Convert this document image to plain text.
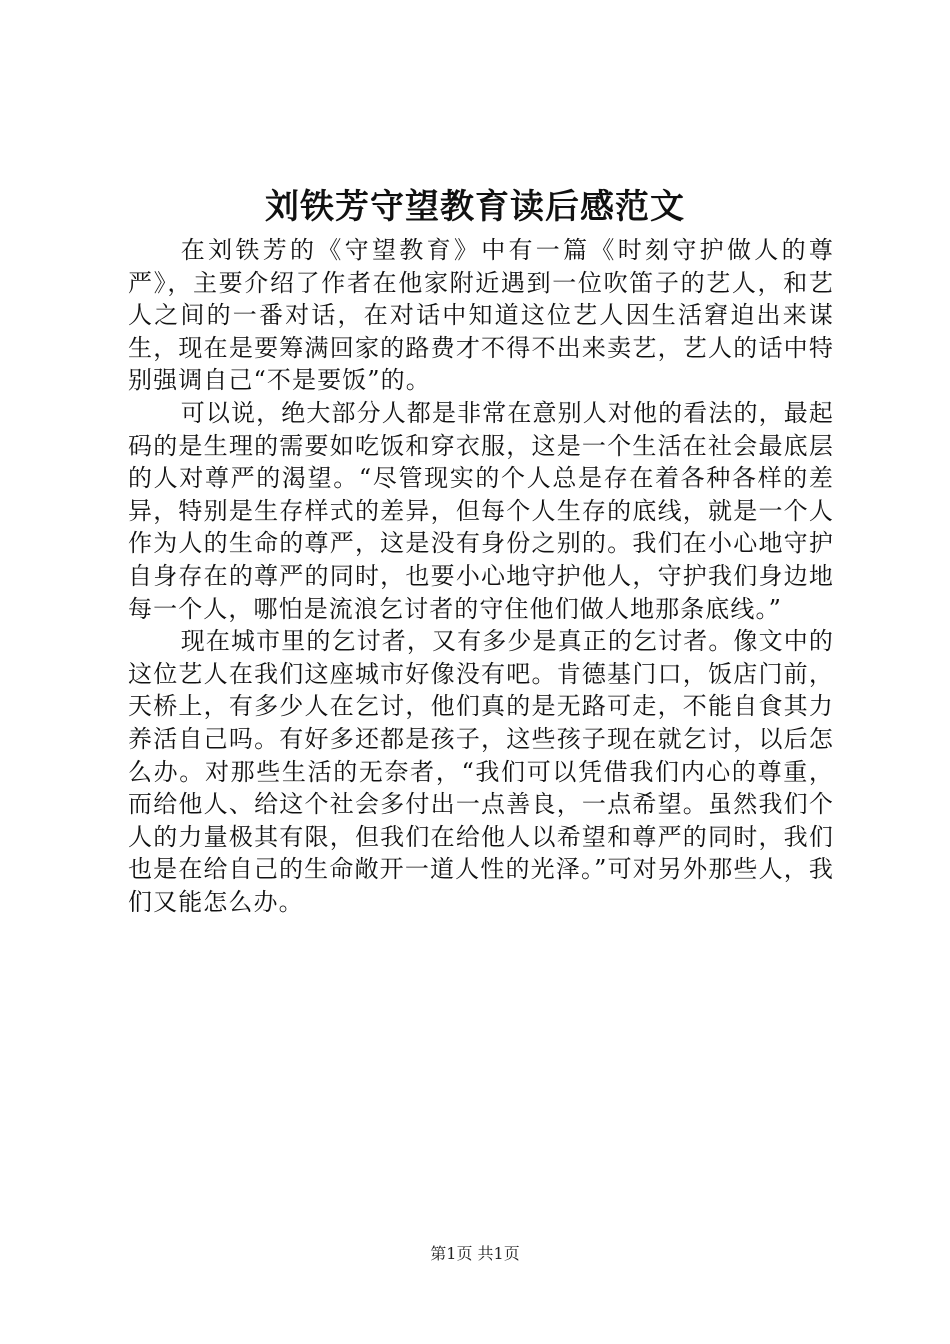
刘铁芳守望教育读后感范文

在刘铁芳的《守望教育》中有一篇《时刻守护做人的尊严》，主要介绍了作者在他家附近遇到一位吹笛子的艺人，和艺人之间的一番对话，在对话中知道这位艺人因生活窘迫出来谋生，现在是要筹满回家的路费才不得不出来卖艺，艺人的话中特别强调自己“不是要饭”的。

可以说，绝大部分人都是非常在意别人对他的看法的，最起码的是生理的需要如吃饭和穿衣服，这是一个生活在社会最底层的人对尊严的渴望。“尽管现实的个人总是存在着各种各样的差异，特别是生存样式的差异，但每个人生存的底线，就是一个人作为人的生命的尊严，这是没有身份之别的。我们在小心地守护自身存在的尊严的同时，也要小心地守护他人，守护我们身边地每一个人，哪怕是流浪乞讨者的守住他们做人地那条底线。”

现在城市里的乞讨者，又有多少是真正的乞讨者。像文中的这位艺人在我们这座城市好像没有吧。肯德基门口，饭店门前，天桥上，有多少人在乞讨，他们真的是无路可走，不能自食其力养活自己吗。有好多还都是孩子，这些孩子现在就乞讨，以后怎么办。对那些生活的无奈者，“我们可以凭借我们内心的尊重，而给他人、给这个社会多付出一点善良，一点希望。虽然我们个人的力量极其有限，但我们在给他人以希望和尊严的同时，我们也是在给自己的生命敞开一道人性的光泽。”可对另外那些人，我们又能怎么办。

第1页 共1页
